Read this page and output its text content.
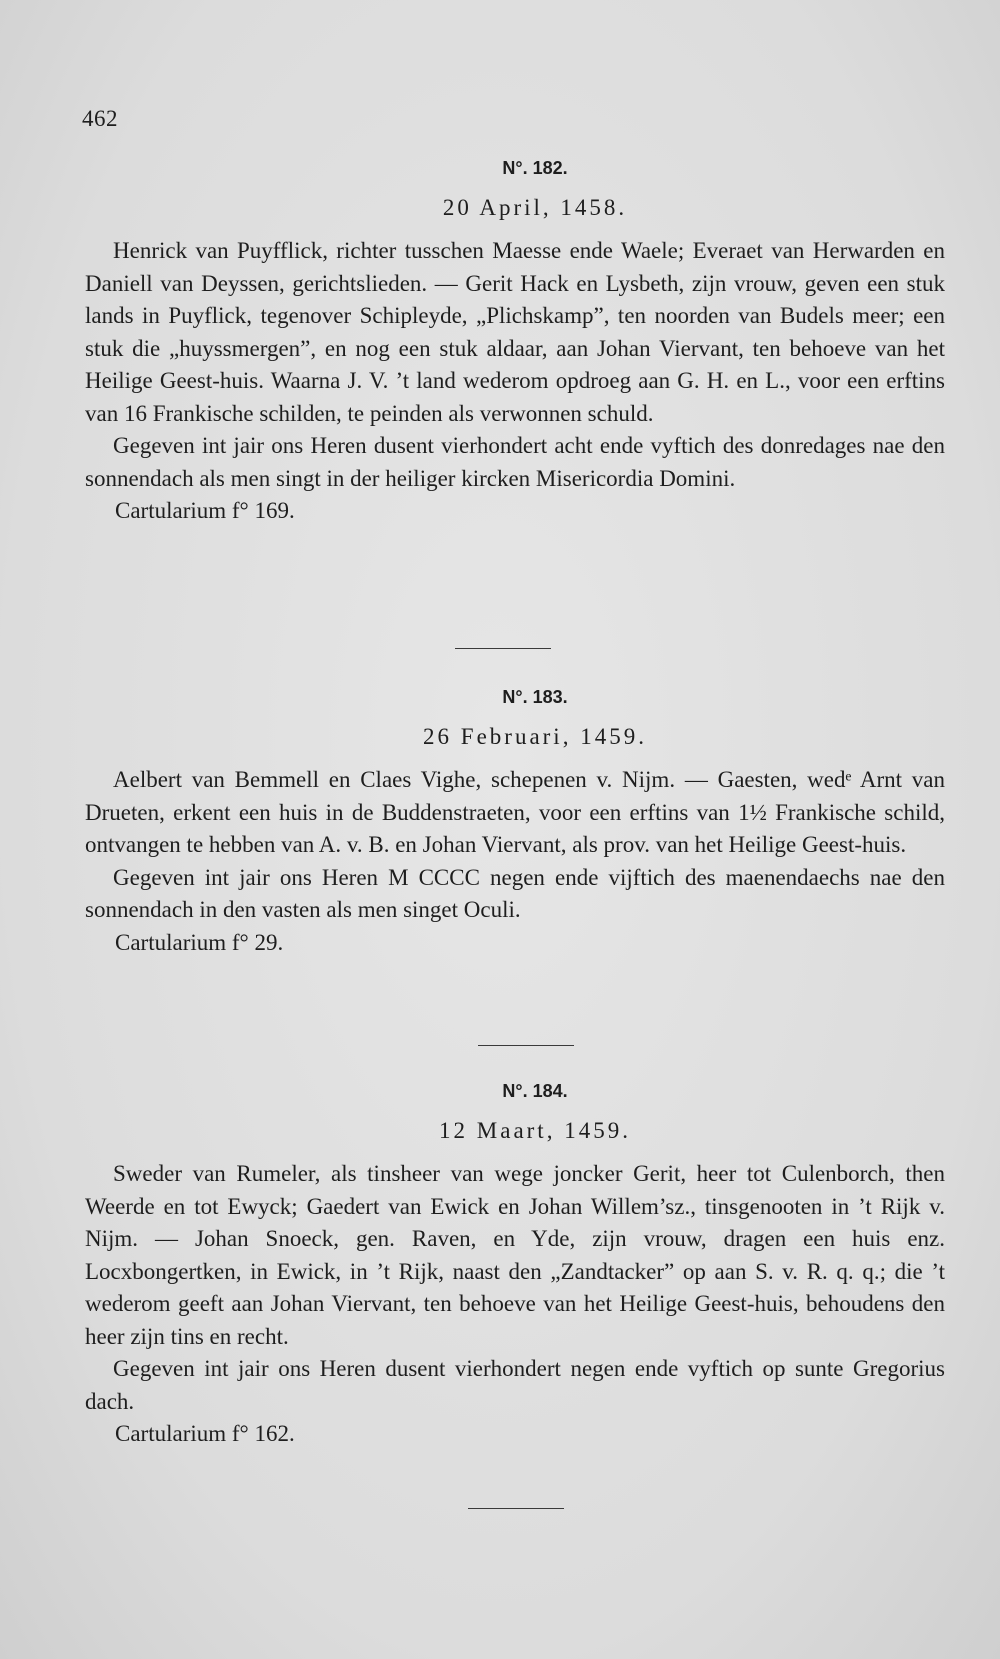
462
N°. 182.
20 April, 1458.

Henrick van Puyfflick, richter tusschen Maesse ende Waele; Everaet van Herwarden en Daniell van Deyssen, gerichtslieden. — Gerit Hack en Lysbeth, zijn vrouw, geven een stuk lands in Puyflick, tegenover Schipleyde, „Plichskamp”, ten noorden van Budels meer; een stuk die „huyssmergen”, en nog een stuk aldaar, aan Johan Viervant, ten behoeve van het Heilige Geest-huis. Waarna J. V. ’t land wederom opdroeg aan G. H. en L., voor een erftins van 16 Frankische schilden, te peinden als verwonnen schuld.

Gegeven int jair ons Heren dusent vierhondert acht ende vyftich des donredages nae den sonnendach als men singt in der heiliger kircken Misericordia Domini.

Cartularium f° 169.
N°. 183.
26 Februari, 1459.

Aelbert van Bemmell en Claes Vighe, schepenen v. Nijm. — Gaesten, wedᵉ Arnt van Drueten, erkent een huis in de Buddenstraeten, voor een erftins van 1½ Frankische schild, ontvangen te hebben van A. v. B. en Johan Viervant, als prov. van het Heilige Geest-huis.

Gegeven int jair ons Heren M CCCC negen ende vijftich des maenendaechs nae den sonnendach in den vasten als men singet Oculi.

Cartularium f° 29.
N°. 184.
12 Maart, 1459.

Sweder van Rumeler, als tinsheer van wege joncker Gerit, heer tot Culenborch, then Weerde en tot Ewyck; Gaedert van Ewick en Johan Willem’sz., tinsgenooten in ’t Rijk v. Nijm. — Johan Snoeck, gen. Raven, en Yde, zijn vrouw, dragen een huis enz. Locxbongertken, in Ewick, in ’t Rijk, naast den „Zandtacker” op aan S. v. R. q. q.; die ’t wederom geeft aan Johan Viervant, ten behoeve van het Heilige Geest-huis, behoudens den heer zijn tins en recht.

Gegeven int jair ons Heren dusent vierhondert negen ende vyftich op sunte Gregorius dach.

Cartularium f° 162.
